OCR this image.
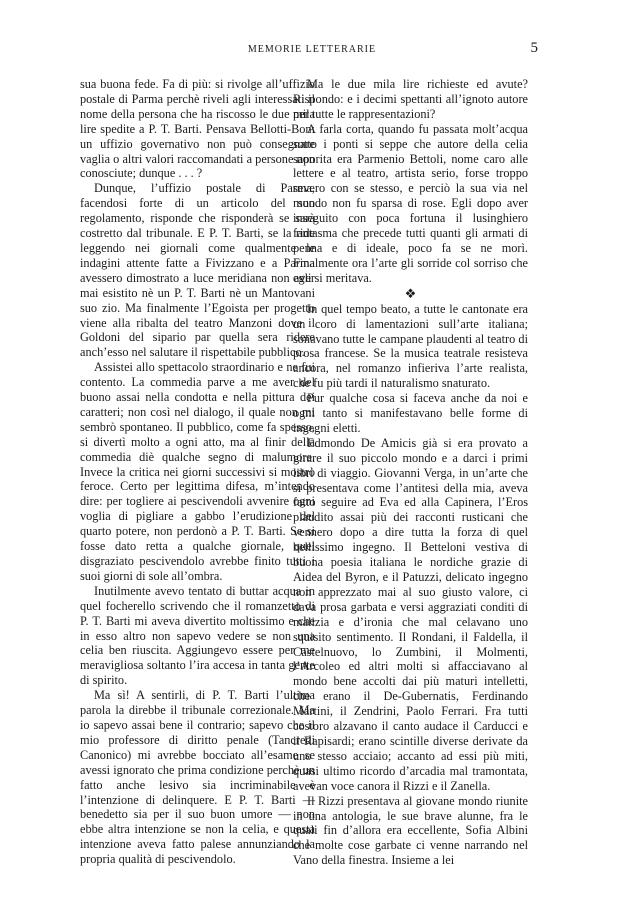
MEMORIE LETTERARIE	5

sua buona fede. Fa di più: si rivolge all’uffizio postale di Parma perchè riveli agli interessati il nome della persona che ha riscosso le due mila lire spedite a P. T. Barti. Pensava Bellotti-Bon: un uffizio governativo non può consegnare vaglia o altri valori raccomandati a persone non conosciute; dunque . . . ?

Dunque, l’uffizio postale di Parma, facendosi forte di un articolo del suo regolamento, risponde che risponderà se sarà costretto dal tribunale. E P. T. Barti, se la ride leggendo nei giornali come qualmente le indagini attente fatte a Fivizzano e a Parma avessero dimostrato a luce meridiana non aver mai esistito nè un P. T. Barti nè un Mantovani suo zio. Ma finalmente l’Egoista per progetto viene alla ribalta del teatro Manzoni dove il Goldoni del sipario par quella sera ridere anch’esso nel salutare il rispettabile pubblico.

Assistei allo spettacolo straordinario e ne fui contento. La commedia parve a me aver del buono assai nella condotta e nella pittura dei caratteri; non così nel dialogo, il quale non mi sembrò spontaneo. Il pubblico, come fa spesso, si divertì molto a ogni atto, ma al finir della commedia diè qualche segno di malumore. Invece la critica nei giorni successivi si mostrò feroce. Certo per legittima difesa, m’intendo dire: per togliere ai pescivendoli avvenire ogni voglia di pigliare a gabbo l’erudizione del quarto potere, non perdonò a P. T. Barti. Se si fosse dato retta a qualche giornale, quel disgraziato pescivendolo avrebbe finito tutti i suoi giorni di sole all’ombra.

Inutilmente avevo tentato di buttar acqua in quel focherello scrivendo che il romanzetto di P. T. Barti mi aveva divertito moltissimo e che in esso altro non sapevo vedere se non una celia ben riuscita. Aggiungevo essere per me meravigliosa soltanto l’ira accesa in tanta gente di spirito.

Ma sì! A sentirli, di P. T. Barti l’ultima parola la direbbe il tribunale correzionale. Ma io sapevo assai bene il contrario; sapevo che il mio professore di diritto penale (Tancredi Canonico) mi avrebbe bocciato all’esame se avessi ignorato che prima condizione perchè un fatto anche lesivo sia incriminabile è l’intenzione di delinquere. E P. T. Barti — benedetto sia per il suo buon umore — non ebbe altra intenzione se non la celia, e questa intenzione aveva fatto palese annunziando la propria qualità di pescivendolo.

Ma le due mila lire richieste ed avute? Rispondo: e i decimi spettanti all’ignoto autore per tutte le rappresentazioni?

A farla corta, quando fu passata molt’acqua sotto i ponti si seppe che autore della celia saporita era Parmenio Bettoli, nome caro alle lettere e al teatro, artista serio, forse troppo severo con se stesso, e perciò la sua via nel mondo non fu sparsa di rose. Egli dopo aver inseguito con poca fortuna il lusinghiero fantasma che precede tutti quanti gli armati di penna e di ideale, poco fa se ne morì. Finalmente ora l’arte gli sorride col sorriso che egli si meritava.

❖

In quel tempo beato, a tutte le cantonate era un coro di lamentazioni sull’arte italiana; sonavano tutte le campane plaudenti al teatro di prosa francese. Se la musica teatrale resisteva ancora, nel romanzo infieriva l’arte realista, che fu più tardi il naturalismo snaturato.

Pur qualche cosa si faceva anche da noi e ogni tanto si manifestavano belle forme di ingegni eletti.

Edmondo De Amicis già si era provato a girare il suo piccolo mondo e a darci i primi libri di viaggio. Giovanni Verga, in un’arte che si presentava come l’antitesi della mia, aveva fatto seguire ad Eva ed alla Capinera, l’Eros plaudito assai più dei racconti rusticani che vennero dopo a dire tutta la forza di quel bellissimo ingegno. Il Betteloni vestiva di buona poesia italiana le nordiche grazie di Aidea del Byron, e il Patuzzi, delicato ingegno non apprezzato mai al suo giusto valore, ci dava prosa garbata e versi aggraziati conditi di malizia e d’ironia che mal celavano uno squisito sentimento. Il Rondani, il Faldella, il Castelnuovo, lo Zumbini, il Molmenti, l’Arcoleo ed altri molti si affacciavano al mondo bene accolti dai più maturi intelletti, che erano il De-Gubernatis, Ferdinando Martini, il Zendrini, Paolo Ferrari. Fra tutti costoro alzavano il canto audace il Carducci e il Rapisardi; erano scintille diverse derivate da uno stesso acciaio; accanto ad essi più miti, quasi ultimo ricordo d’arcadia mal tramontata, avevan voce canora il Rizzi e il Zanella.

Il Rizzi presentava al giovane mondo riunite in una antologia, le sue brave alunne, fra le quali fin d’allora era eccellente, Sofia Albini che molte cose garbate ci venne narrando nel Vano della finestra. Insieme a lei
